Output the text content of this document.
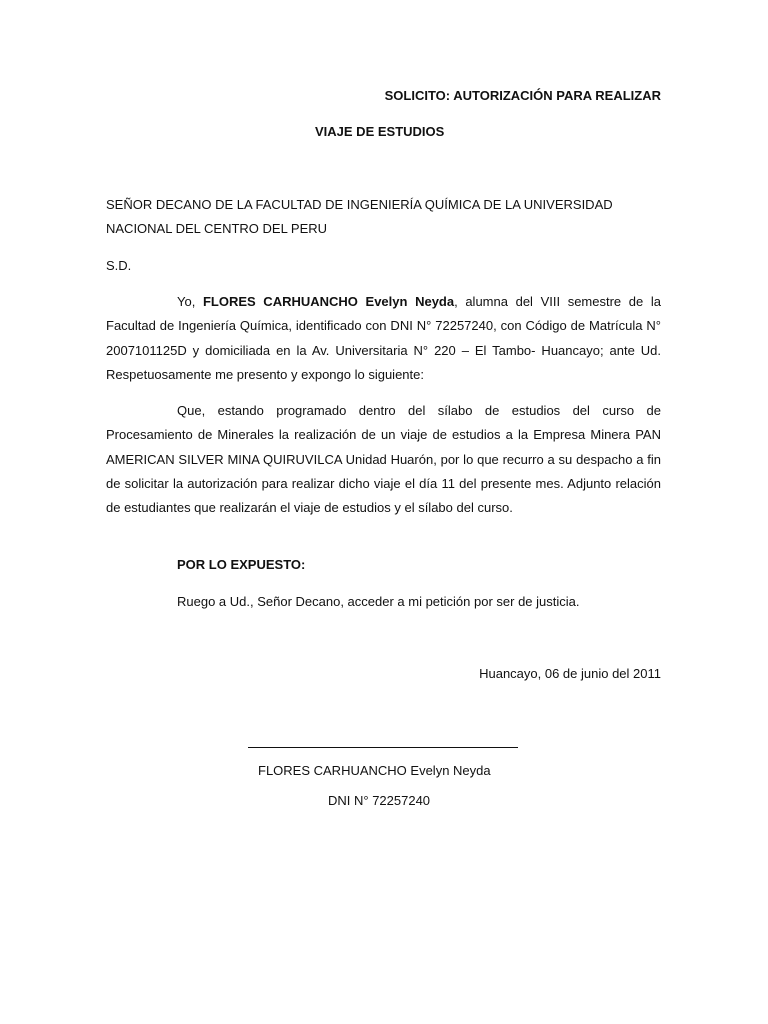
SOLICITO: AUTORIZACIÓN PARA REALIZAR
VIAJE DE ESTUDIOS
SEÑOR DECANO DE LA FACULTAD DE INGENIERÍA QUÍMICA DE LA UNIVERSIDAD
NACIONAL DEL CENTRO DEL PERU
S.D.
Yo, FLORES CARHUANCHO Evelyn Neyda, alumna del VIII semestre de la Facultad de Ingeniería Química, identificado con DNI N° 72257240, con Código de Matrícula N° 2007101125D y domiciliada en la Av. Universitaria N° 220 – El Tambo- Huancayo; ante Ud. Respetuosamente me presento y expongo lo siguiente:
Que, estando programado dentro del sílabo de estudios del curso de Procesamiento de Minerales la realización de un viaje de estudios a la Empresa Minera PAN AMERICAN SILVER MINA QUIRUVILCA Unidad Huarón, por lo que recurro a su despacho a fin de solicitar la autorización para realizar dicho viaje el día 11 del presente mes. Adjunto relación de estudiantes que realizarán el viaje de estudios y el sílabo del curso.
POR LO EXPUESTO:
Ruego a Ud., Señor Decano, acceder a mi petición por ser de justicia.
Huancayo, 06 de junio del 2011
FLORES CARHUANCHO Evelyn Neyda
DNI N° 72257240
